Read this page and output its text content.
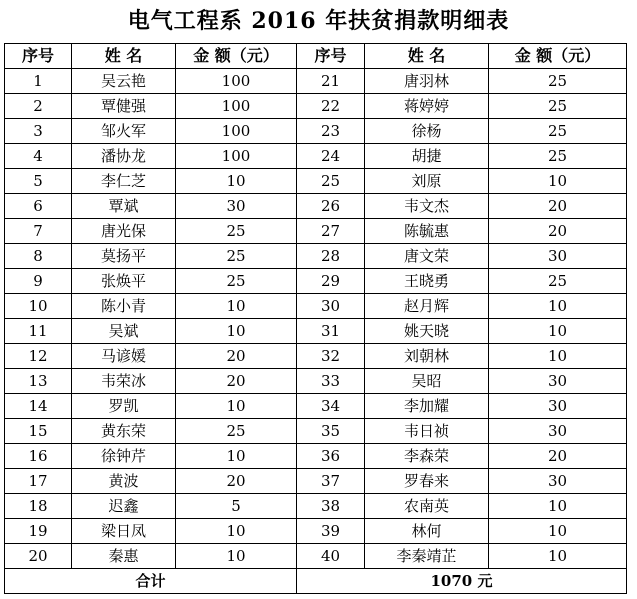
电气工程系 2016 年扶贫捐款明细表
序号	姓 名	金 额（元）	序号	姓 名	金 额（元）
1	吴云艳	100	21	唐羽林	25
2	覃健强	100	22	蒋婷婷	25
3	邹火军	100	23	徐杨	25
4	潘协龙	100	24	胡捷	25
5	李仁芝	10	25	刘原	10
6	覃斌	30	26	韦文杰	20
7	唐光保	25	27	陈毓惠	20
8	莫扬平	25	28	唐文荣	30
9	张焕平	25	29	王晓勇	25
10	陈小青	10	30	赵月辉	10
11	吴斌	10	31	姚天晓	10
12	马谚媛	20	32	刘朝林	10
13	韦荣冰	20	33	吴昭	30
14	罗凯	10	34	李加耀	30
15	黄东荣	25	35	韦日祯	30
16	徐钟芹	10	36	李森荣	20
17	黄波	20	37	罗春来	30
18	迟鑫	5	38	农南英	10
19	梁日凤	10	39	林何	10
20	秦惠	10	40	李秦靖芷	10
合计			1070 元		
